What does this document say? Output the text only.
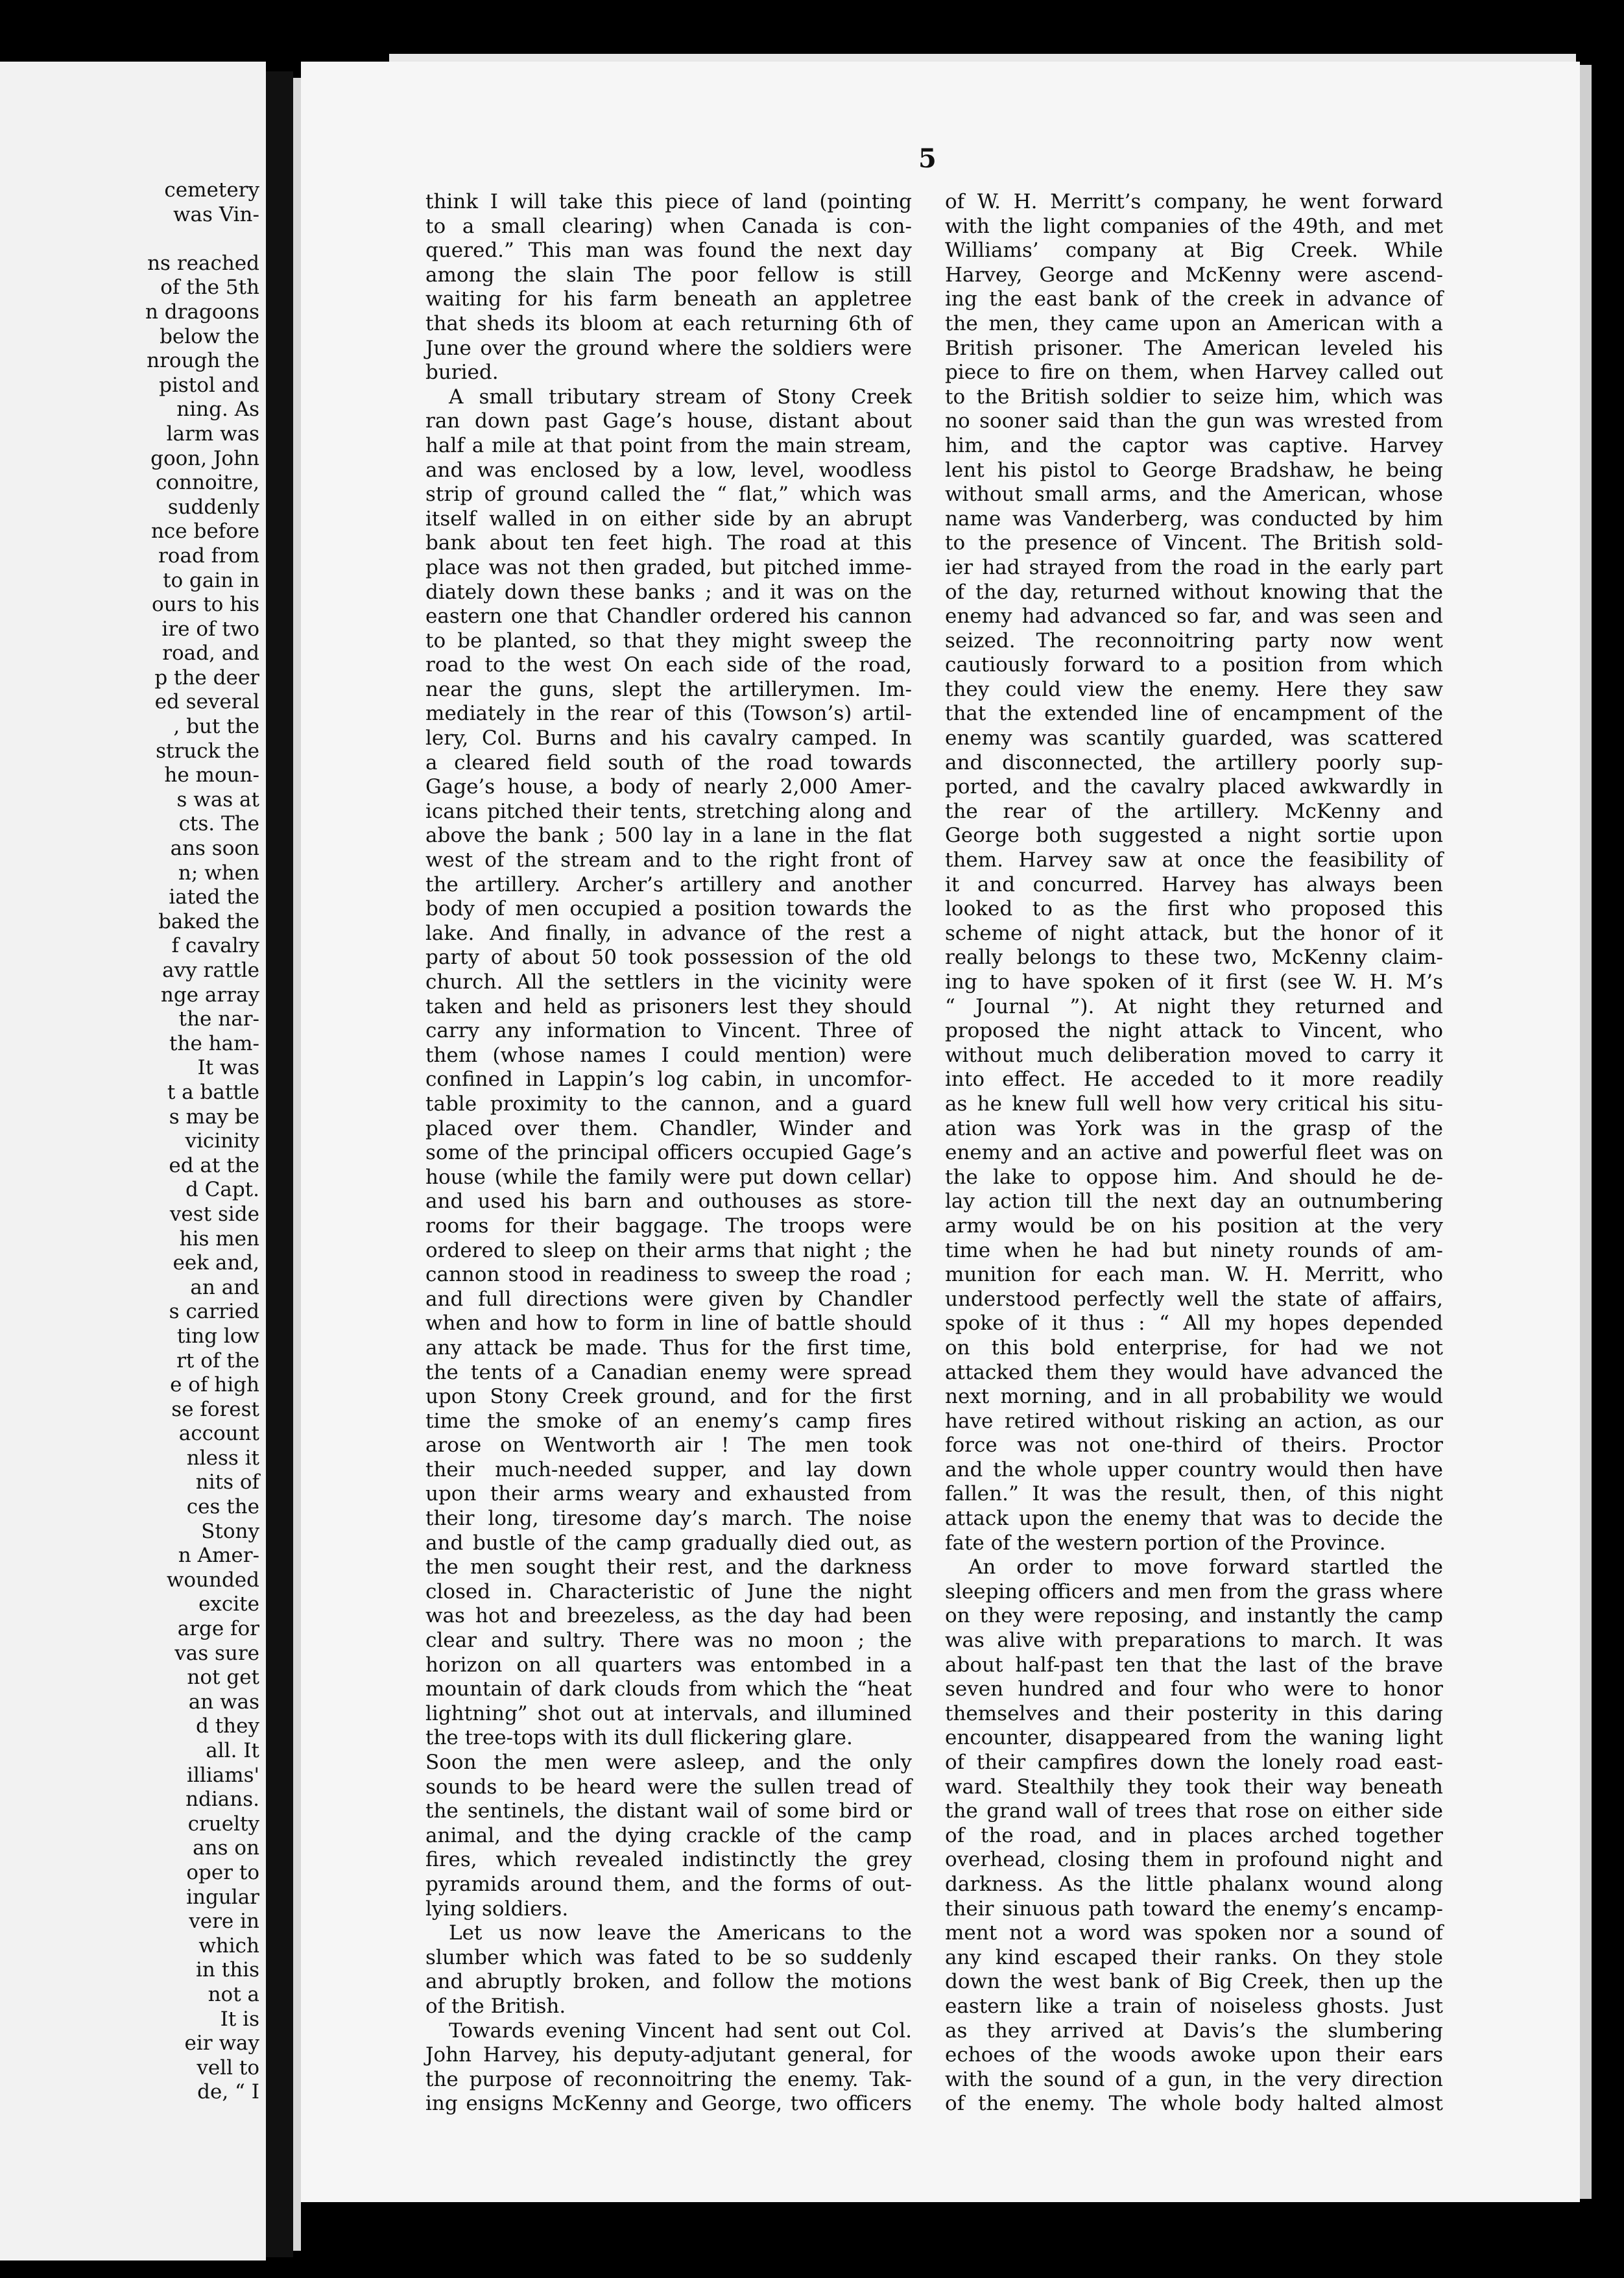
cemetery
was Vin-

ns reached
of the 5th
n dragoons
below the
nrough the
pistol and
ning. As
larm was
goon, John
connoitre,
suddenly
nce before
road from
to gain in
ours to his
ire of two
road, and
p the deer
ed several
, but the
struck the
he moun-
s was at
cts. The
ans soon
n; when
iated the
baked the
f cavalry
avy rattle
nge array
the nar-
the ham-
It was
t a battle
s may be
vicinity
ed at the
d Capt.
vest side
his men
eek and,
an and
s carried
ting low
rt of the
e of high
se forest
account
nless it
nits of
ces the
Stony
n Amer-
wounded
excite
arge for
vas sure
not get
an was
d they
all. It
illiams'
ndians.
cruelty
ans on
oper to
ingular
vere in
which
in this
not a
It is
eir way
vell to
de, “ I
5
think I will take this piece of land (pointing
to a small clearing) when Canada is con-
quered.” This man was found the next day
among the slain The poor fellow is still
waiting for his farm beneath an appletree
that sheds its bloom at each returning 6th of
June over the ground where the soldiers were
buried.
A small tributary stream of Stony Creek
ran down past Gage’s house, distant about
half a mile at that point from the main stream,
and was enclosed by a low, level, woodless
strip of ground called the “ flat,” which was
itself walled in on either side by an abrupt
bank about ten feet high. The road at this
place was not then graded, but pitched imme-
diately down these banks ; and it was on the
eastern one that Chandler ordered his cannon
to be planted, so that they might sweep the
road to the west On each side of the road,
near the guns, slept the artillerymen. Im-
mediately in the rear of this (Towson’s) artil-
lery, Col. Burns and his cavalry camped. In
a cleared field south of the road towards
Gage’s house, a body of nearly 2,000 Amer-
icans pitched their tents, stretching along and
above the bank ; 500 lay in a lane in the flat
west of the stream and to the right front of
the artillery. Archer’s artillery and another
body of men occupied a position towards the
lake. And finally, in advance of the rest a
party of about 50 took possession of the old
church. All the settlers in the vicinity were
taken and held as prisoners lest they should
carry any information to Vincent. Three of
them (whose names I could mention) were
confined in Lappin’s log cabin, in uncomfor-
table proximity to the cannon, and a guard
placed over them. Chandler, Winder and
some of the principal officers occupied Gage’s
house (while the family were put down cellar)
and used his barn and outhouses as store-
rooms for their baggage. The troops were
ordered to sleep on their arms that night ; the
cannon stood in readiness to sweep the road ;
and full directions were given by Chandler
when and how to form in line of battle should
any attack be made. Thus for the first time,
the tents of a Canadian enemy were spread
upon Stony Creek ground, and for the first
time the smoke of an enemy’s camp fires
arose on Wentworth air ! The men took
their much-needed supper, and lay down
upon their arms weary and exhausted from
their long, tiresome day’s march. The noise
and bustle of the camp gradually died out, as
the men sought their rest, and the darkness
closed in. Characteristic of June the night
was hot and breezeless, as the day had been
clear and sultry. There was no moon ; the
horizon on all quarters was entombed in a
mountain of dark clouds from which the “heat
lightning” shot out at intervals, and illumined
the tree-tops with its dull flickering glare.
Soon the men were asleep, and the only
sounds to be heard were the sullen tread of
the sentinels, the distant wail of some bird or
animal, and the dying crackle of the camp
fires, which revealed indistinctly the grey
pyramids around them, and the forms of out-
lying soldiers.
Let us now leave the Americans to the
slumber which was fated to be so suddenly
and abruptly broken, and follow the motions
of the British.
Towards evening Vincent had sent out Col.
John Harvey, his deputy-adjutant general, for
the purpose of reconnoitring the enemy. Tak-
ing ensigns McKenny and George, two officers
of W. H. Merritt’s company, he went forward
with the light companies of the 49th, and met
Williams’ company at Big Creek. While
Harvey, George and McKenny were ascend-
ing the east bank of the creek in advance of
the men, they came upon an American with a
British prisoner. The American leveled his
piece to fire on them, when Harvey called out
to the British soldier to seize him, which was
no sooner said than the gun was wrested from
him, and the captor was captive. Harvey
lent his pistol to George Bradshaw, he being
without small arms, and the American, whose
name was Vanderberg, was conducted by him
to the presence of Vincent. The British sold-
ier had strayed from the road in the early part
of the day, returned without knowing that the
enemy had advanced so far, and was seen and
seized. The reconnoitring party now went
cautiously forward to a position from which
they could view the enemy. Here they saw
that the extended line of encampment of the
enemy was scantily guarded, was scattered
and disconnected, the artillery poorly sup-
ported, and the cavalry placed awkwardly in
the rear of the artillery. McKenny and
George both suggested a night sortie upon
them. Harvey saw at once the feasibility of
it and concurred. Harvey has always been
looked to as the first who proposed this
scheme of night attack, but the honor of it
really belongs to these two, McKenny claim-
ing to have spoken of it first (see W. H. M’s
“ Journal ”). At night they returned and
proposed the night attack to Vincent, who
without much deliberation moved to carry it
into effect. He acceded to it more readily
as he knew full well how very critical his situ-
ation was York was in the grasp of the
enemy and an active and powerful fleet was on
the lake to oppose him. And should he de-
lay action till the next day an outnumbering
army would be on his position at the very
time when he had but ninety rounds of am-
munition for each man. W. H. Merritt, who
understood perfectly well the state of affairs,
spoke of it thus : “ All my hopes depended
on this bold enterprise, for had we not
attacked them they would have advanced the
next morning, and in all probability we would
have retired without risking an action, as our
force was not one-third of theirs. Proctor
and the whole upper country would then have
fallen.” It was the result, then, of this night
attack upon the enemy that was to decide the
fate of the western portion of the Province.
An order to move forward startled the
sleeping officers and men from the grass where
on they were reposing, and instantly the camp
was alive with preparations to march. It was
about half-past ten that the last of the brave
seven hundred and four who were to honor
themselves and their posterity in this daring
encounter, disappeared from the waning light
of their campfires down the lonely road east-
ward. Stealthily they took their way beneath
the grand wall of trees that rose on either side
of the road, and in places arched together
overhead, closing them in profound night and
darkness. As the little phalanx wound along
their sinuous path toward the enemy’s encamp-
ment not a word was spoken nor a sound of
any kind escaped their ranks. On they stole
down the west bank of Big Creek, then up the
eastern like a train of noiseless ghosts. Just
as they arrived at Davis’s the slumbering
echoes of the woods awoke upon their ears
with the sound of a gun, in the very direction
of the enemy. The whole body halted almost
